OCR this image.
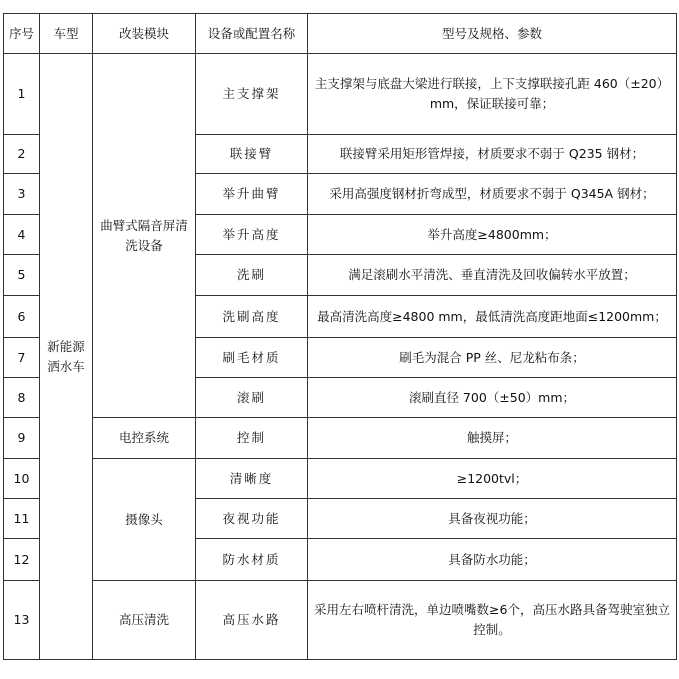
序号	车型	改装模块	设备或配置名称	型号及规格、参数
1	新能源洒水车	曲臂式隔音屏清洗设备	主支撑架	主支撑架与底盘大梁进行联接，上下支撑联接孔距 460（±20）mm，保证联接可靠；
2			联接臂	联接臂采用矩形管焊接，材质要求不弱于 Q235 钢材；
3			举升曲臂	采用高强度钢材折弯成型，材质要求不弱于 Q345A 钢材；
4			举升高度	举升高度≥4800mm；
5			洗刷	满足滚刷水平清洗、垂直清洗及回收偏转水平放置；
6			洗刷高度	最高清洗高度≥4800 mm，最低清洗高度距地面≤1200mm；
7			刷毛材质	刷毛为混合 PP 丝、尼龙粘布条；
8			滚刷	滚刷直径 700（±50）mm；
9		电控系统	控制	触摸屏；
10		摄像头	清晰度	≥1200tvl；
11			夜视功能	具备夜视功能；
12			防水材质	具备防水功能；
13		高压清洗	高压水路	采用左右喷杆清洗，单边喷嘴数≥6个，高压水路具备驾驶室独立控制。
